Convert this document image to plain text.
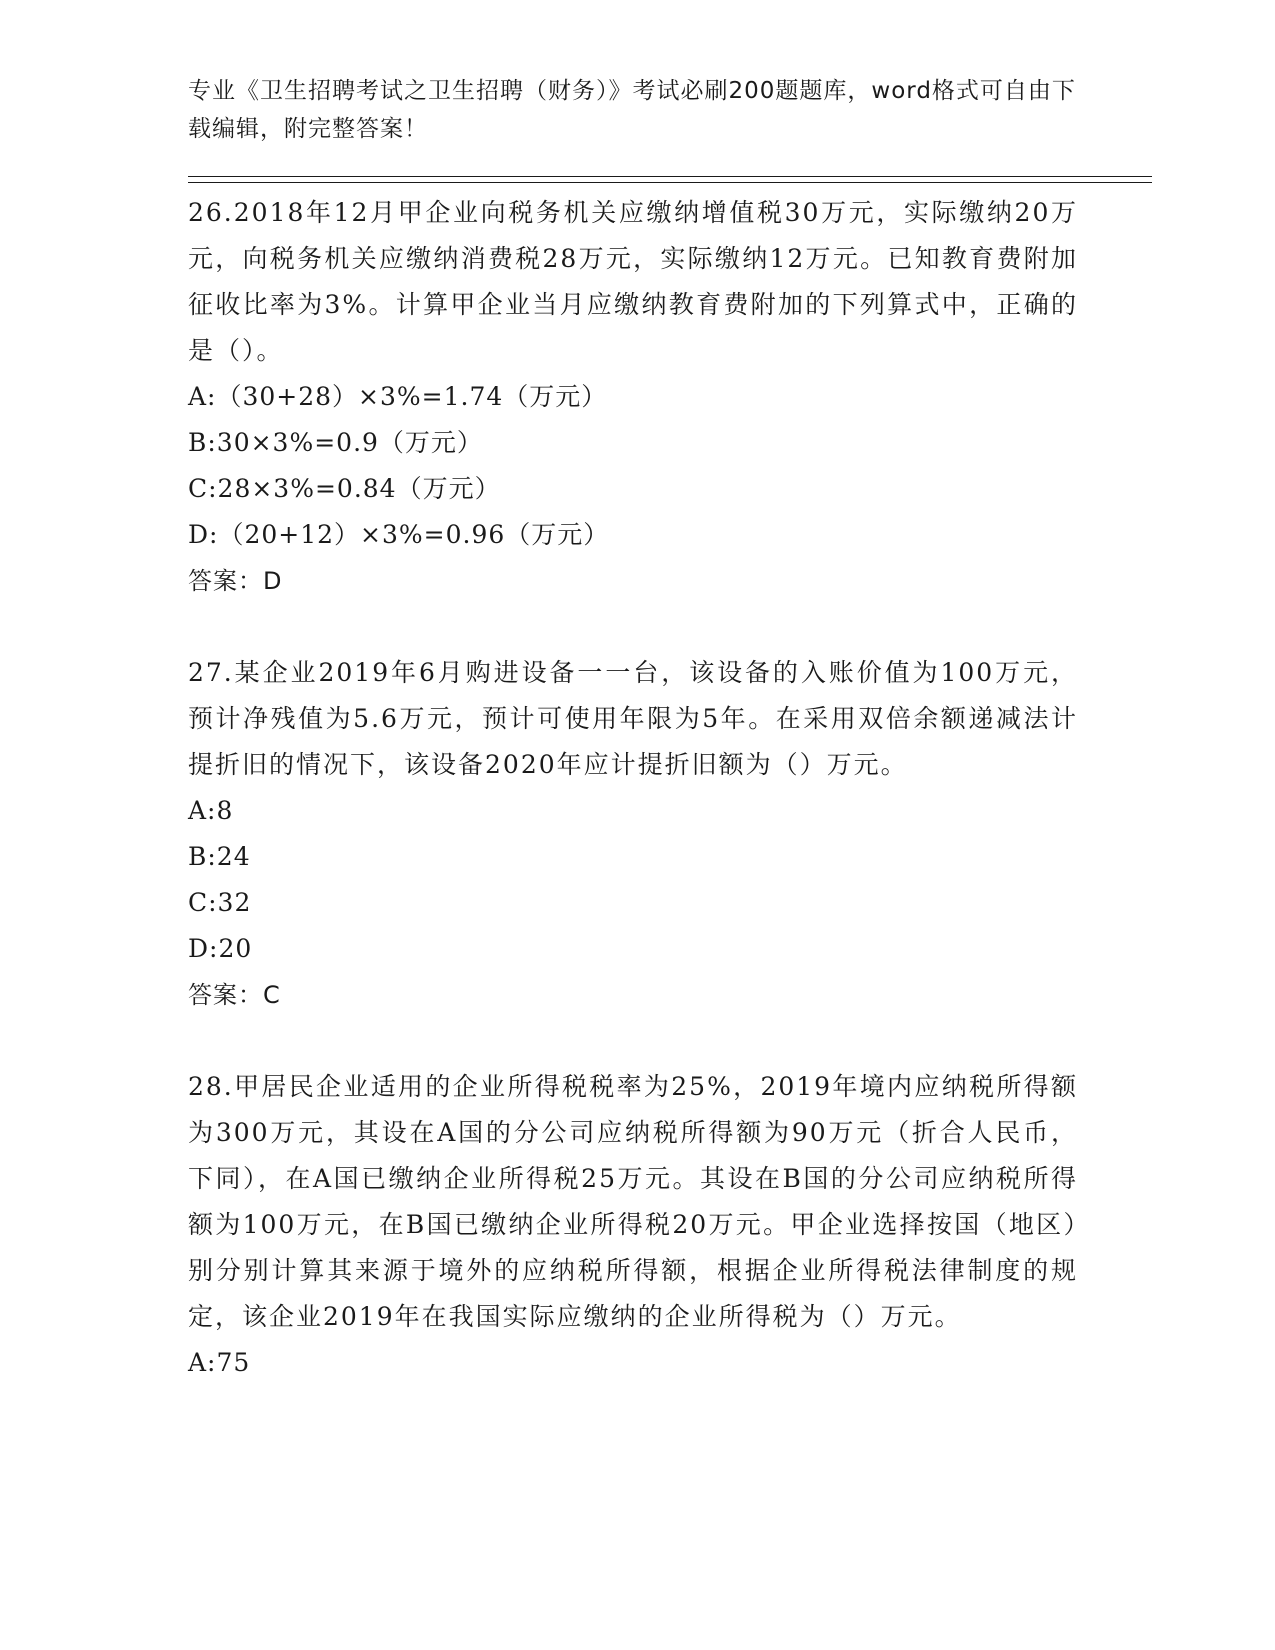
专业《卫生招聘考试之卫生招聘（财务）》考试必刷200题题库，word格式可自由下载编辑，附完整答案！
26.2018年12月甲企业向税务机关应缴纳增值税30万元，实际缴纳20万元，向税务机关应缴纳消费税28万元，实际缴纳12万元。已知教育费附加征收比率为3%。计算甲企业当月应缴纳教育费附加的下列算式中，正确的是（）。
A:（30+28）×3%=1.74（万元）
B:30×3%=0.9（万元）
C:28×3%=0.84（万元）
D:（20+12）×3%=0.96（万元）
答案：D
27.某企业2019年6月购进设备一一台，该设备的入账价值为100万元，预计净残值为5.6万元，预计可使用年限为5年。在采用双倍余额递减法计提折旧的情况下，该设备2020年应计提折旧额为（）万元。
A:8
B:24
C:32
D:20
答案：C
28.甲居民企业适用的企业所得税税率为25%，2019年境内应纳税所得额为300万元，其设在A国的分公司应纳税所得额为90万元（折合人民币，下同），在A国已缴纳企业所得税25万元。其设在B国的分公司应纳税所得额为100万元，在B国已缴纳企业所得税20万元。甲企业选择按国（地区）别分别计算其来源于境外的应纳税所得额，根据企业所得税法律制度的规定，该企业2019年在我国实际应缴纳的企业所得税为（）万元。
A:75
